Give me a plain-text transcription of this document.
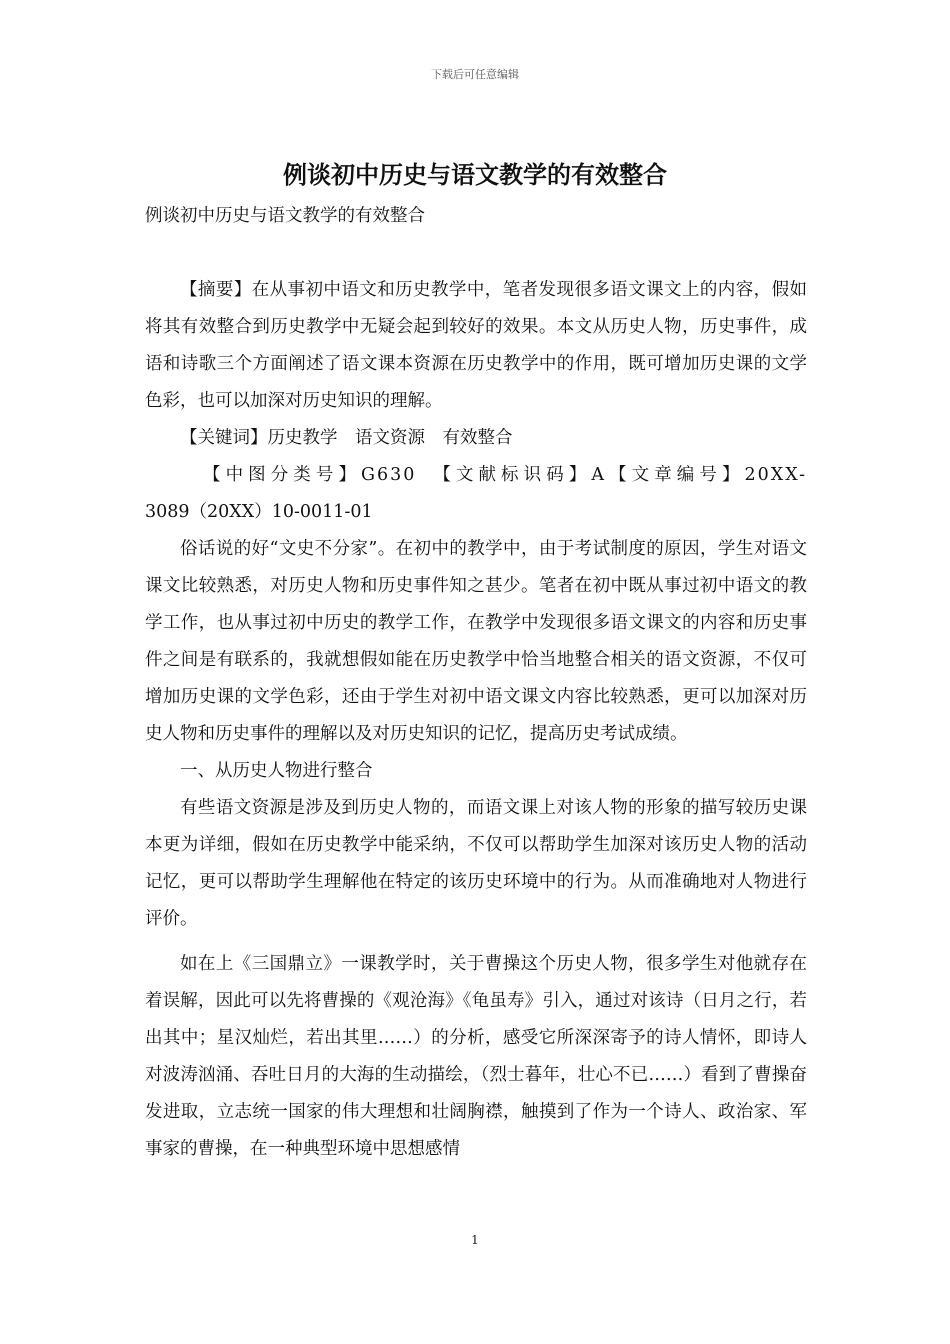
下载后可任意编辑
例谈初中历史与语文教学的有效整合

例谈初中历史与语文教学的有效整合

【摘要】在从事初中语文和历史教学中，笔者发现很多语文课文上的内容，假如将其有效整合到历史教学中无疑会起到较好的效果。本文从历史人物，历史事件，成语和诗歌三个方面阐述了语文课本资源在历史教学中的作用，既可增加历史课的文学色彩，也可以加深对历史知识的理解。

【关键词】历史教学　语文资源　有效整合

【中图分类号】G630　【文献标识码】A【文章编号】20XX-

3089（20XX）10-0011-01

俗话说的好“文史不分家”。在初中的教学中，由于考试制度的原因，学生对语文课文比较熟悉，对历史人物和历史事件知之甚少。笔者在初中既从事过初中语文的教学工作，也从事过初中历史的教学工作，在教学中发现很多语文课文的内容和历史事件之间是有联系的，我就想假如能在历史教学中恰当地整合相关的语文资源，不仅可增加历史课的文学色彩，还由于学生对初中语文课文内容比较熟悉，更可以加深对历史人物和历史事件的理解以及对历史知识的记忆，提高历史考试成绩。

一、从历史人物进行整合

有些语文资源是涉及到历史人物的，而语文课上对该人物的形象的描写较历史课本更为详细，假如在历史教学中能采纳，不仅可以帮助学生加深对该历史人物的活动记忆，更可以帮助学生理解他在特定的该历史环境中的行为。从而准确地对人物进行评价。

如在上《三国鼎立》一课教学时，关于曹操这个历史人物，很多学生对他就存在着误解，因此可以先将曹操的《观沧海》《龟虽寿》引入，通过对该诗（日月之行，若出其中；星汉灿烂，若出其里……）的分析，感受它所深深寄予的诗人情怀，即诗人对波涛汹涌、吞吐日月的大海的生动描绘，（烈士暮年，壮心不已……）看到了曹操奋发进取，立志统一国家的伟大理想和壮阔胸襟，触摸到了作为一个诗人、政治家、军事家的曹操，在一种典型环境中思想感情

1
